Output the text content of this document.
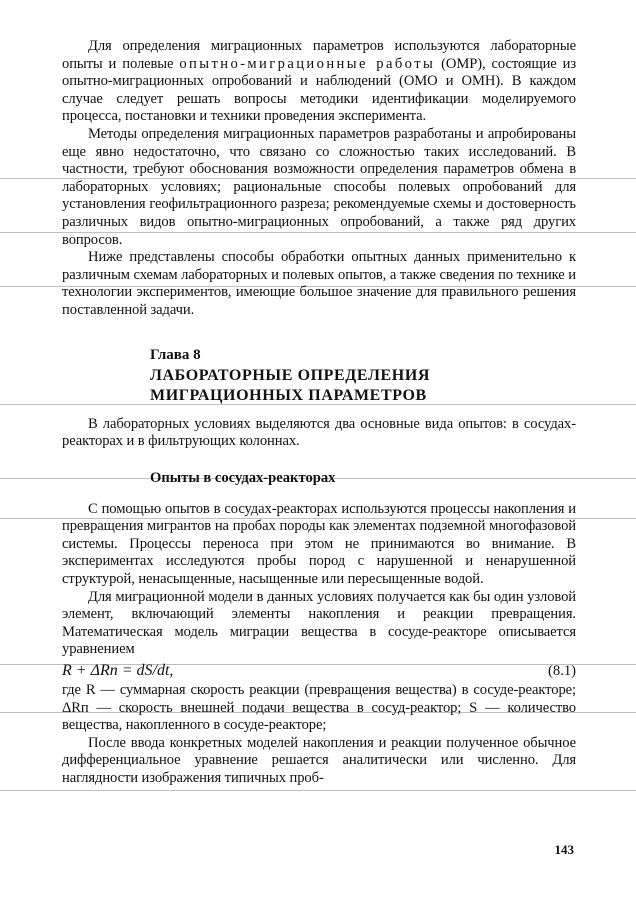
Для определения миграционных параметров используются лабораторные опыты и полевые опытно-миграционные работы (ОМР), состоящие из опытно-миграционных опробований и наблюдений (ОМО и ОМН). В каждом случае следует решать вопросы методики идентификации моделируемого процесса, постановки и техники проведения эксперимента.

Методы определения миграционных параметров разработаны и апробированы еще явно недостаточно, что связано со сложностью таких исследований. В частности, требуют обоснования возможности определения параметров обмена в лабораторных условиях; рациональные способы полевых опробований для установления геофильтрационного разреза; рекомендуемые схемы и достоверность различных видов опытно-миграционных опробований, а также ряд других вопросов.

Ниже представлены способы обработки опытных данных применительно к различным схемам лабораторных и полевых опытов, а также сведения по технике и технологии экспериментов, имеющие большое значение для правильного решения поставленной задачи.

Глава 8
ЛАБОРАТОРНЫЕ ОПРЕДЕЛЕНИЯ
МИГРАЦИОННЫХ ПАРАМЕТРОВ

В лабораторных условиях выделяются два основные вида опытов: в сосудах-реакторах и в фильтрующих колоннах.

Опыты в сосудах-реакторах

С помощью опытов в сосудах-реакторах используются процессы накопления и превращения мигрантов на пробах породы как элементах подземной многофазовой системы. Процессы переноса при этом не принимаются во внимание. В экспериментах исследуются пробы пород с нарушенной и ненарушенной структурой, ненасыщенные, насыщенные или пересыщенные водой.

Для миграционной модели в данных условиях получается как бы один узловой элемент, включающий элементы накопления и реакции превращения. Математическая модель миграции вещества в сосуде-реакторе описывается уравнением

R + ΔRп = dS/dt,	(8.1)

где R — суммарная скорость реакции (превращения вещества) в сосуде-реакторе; ΔRп — скорость внешней подачи вещества в сосуд-реактор; S — количество вещества, накопленного в сосуде-реакторе;

После ввода конкретных моделей накопления и реакции полученное обычное дифференциальное уравнение решается аналитически или численно. Для наглядности изображения типичных проб-

143
